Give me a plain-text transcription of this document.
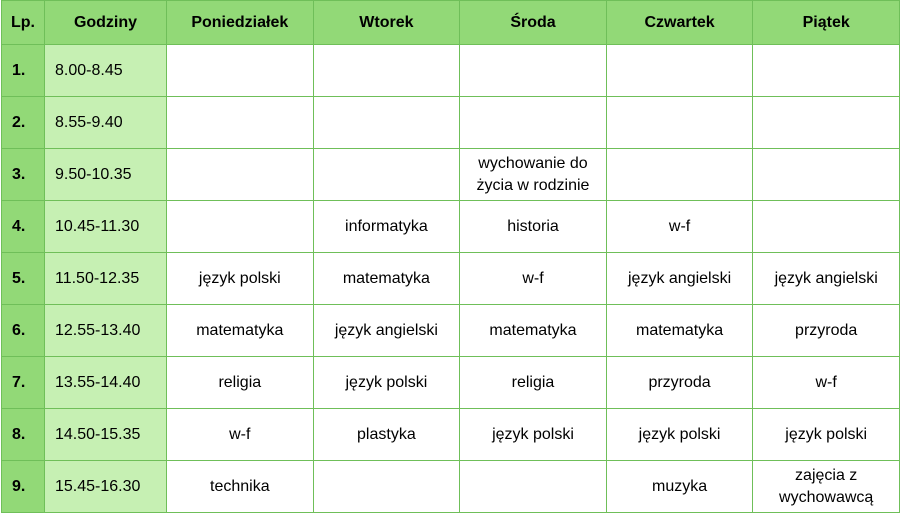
Lp.	Godziny	Poniedziałek	Wtorek	Środa	Czwartek	Piątek
1.	8.00-8.45					
2.	8.55-9.40					
3.	9.50-10.35			wychowanie do
życia w rodzinie		
4.	10.45-11.30		informatyka	historia	w-f	
5.	11.50-12.35	język polski	matematyka	w-f	język angielski	język angielski
6.	12.55-13.40	matematyka	język angielski	matematyka	matematyka	przyroda
7.	13.55-14.40	religia	język polski	religia	przyroda	w-f
8.	14.50-15.35	w-f	plastyka	język polski	język polski	język polski
9.	15.45-16.30	technika			muzyka	zajęcia z
wychowawcą
